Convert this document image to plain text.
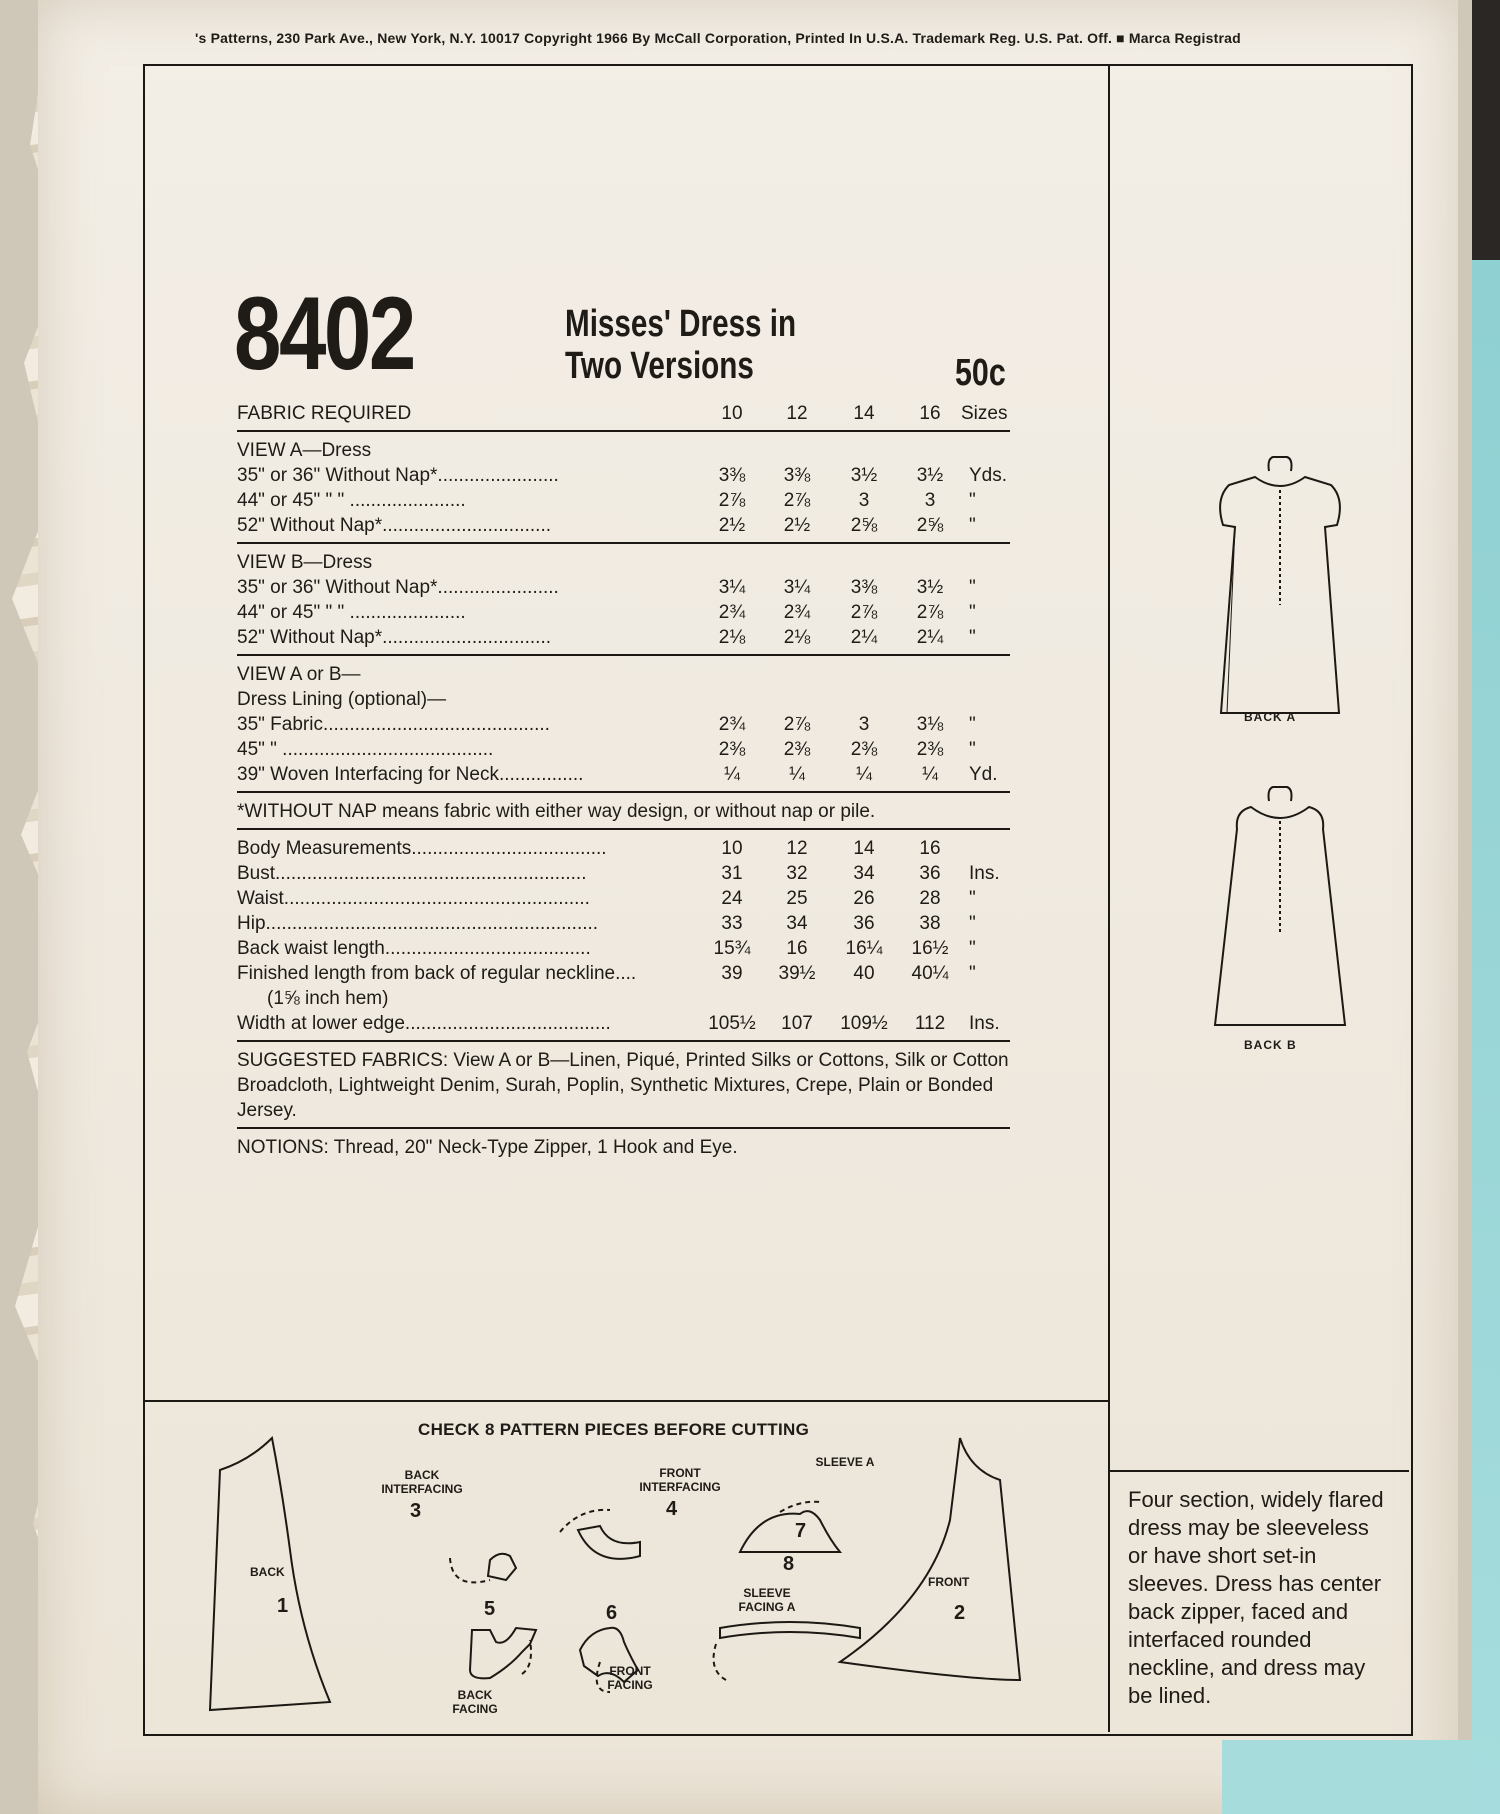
's Patterns, 230 Park Ave., New York, N.Y. 10017 Copyright 1966 By McCall Corporation, Printed In U.S.A. Trademark Reg. U.S. Pat. Off. ■ Marca Registrad
8402	Misses' Dress in
Two Versions	50c
FABRIC REQUIRED	10	12	14	16	Sizes
VIEW A—Dress
35" or 36" Without Nap*.......................	3⅜	3⅜	3½	3½	Yds.
44" or 45" " " ......................	2⅞	2⅞	3	3	"
52" Without Nap*................................	2½	2½	2⅝	2⅝	"
VIEW B—Dress
35" or 36" Without Nap*.......................	3¼	3¼	3⅜	3½	"
44" or 45" " " ......................	2¾	2¾	2⅞	2⅞	"
52" Without Nap*................................	2⅛	2⅛	2¼	2¼	"
VIEW A or B—
Dress Lining (optional)—
35" Fabric...........................................	2¾	2⅞	3	3⅛	"
45" " ........................................	2⅜	2⅜	2⅜	2⅜	"
39" Woven Interfacing for Neck................	¼	¼	¼	¼	Yd.
*WITHOUT NAP means fabric with either way design, or without nap or pile.
Body Measurements.....................................	10	12	14	16
Bust...........................................................	31	32	34	36	Ins.
Waist..........................................................	24	25	26	28	"
Hip...............................................................	33	34	36	38	"
Back waist length.......................................	15¾	16	16¼	16½	"
Finished length from back of regular neckline....	39	39½	40	40¼	"
(1⅝ inch hem)
Width at lower edge.......................................	105½	107	109½	112	Ins.
SUGGESTED FABRICS: View A or B—Linen, Piqué, Printed Silks or Cottons, Silk or Cotton Broadcloth, Lightweight Denim, Surah, Poplin, Synthetic Mixtures, Crepe, Plain or Bonded Jersey.
NOTIONS: Thread, 20" Neck-Type Zipper, 1 Hook and Eye.
BACK A
BACK B
CHECK 8 PATTERN PIECES BEFORE CUTTING
BACK
1
FRONT
2
BACK INTERFACING
3
FRONT INTERFACING
4
SLEEVE A
7
SLEEVE FACING A
8
BACK FACING
5
FRONT FACING
6
Four section, widely flared dress may be sleeveless or have short set-in sleeves. Dress has center back zipper, faced and interfaced rounded neckline, and dress may be lined.
